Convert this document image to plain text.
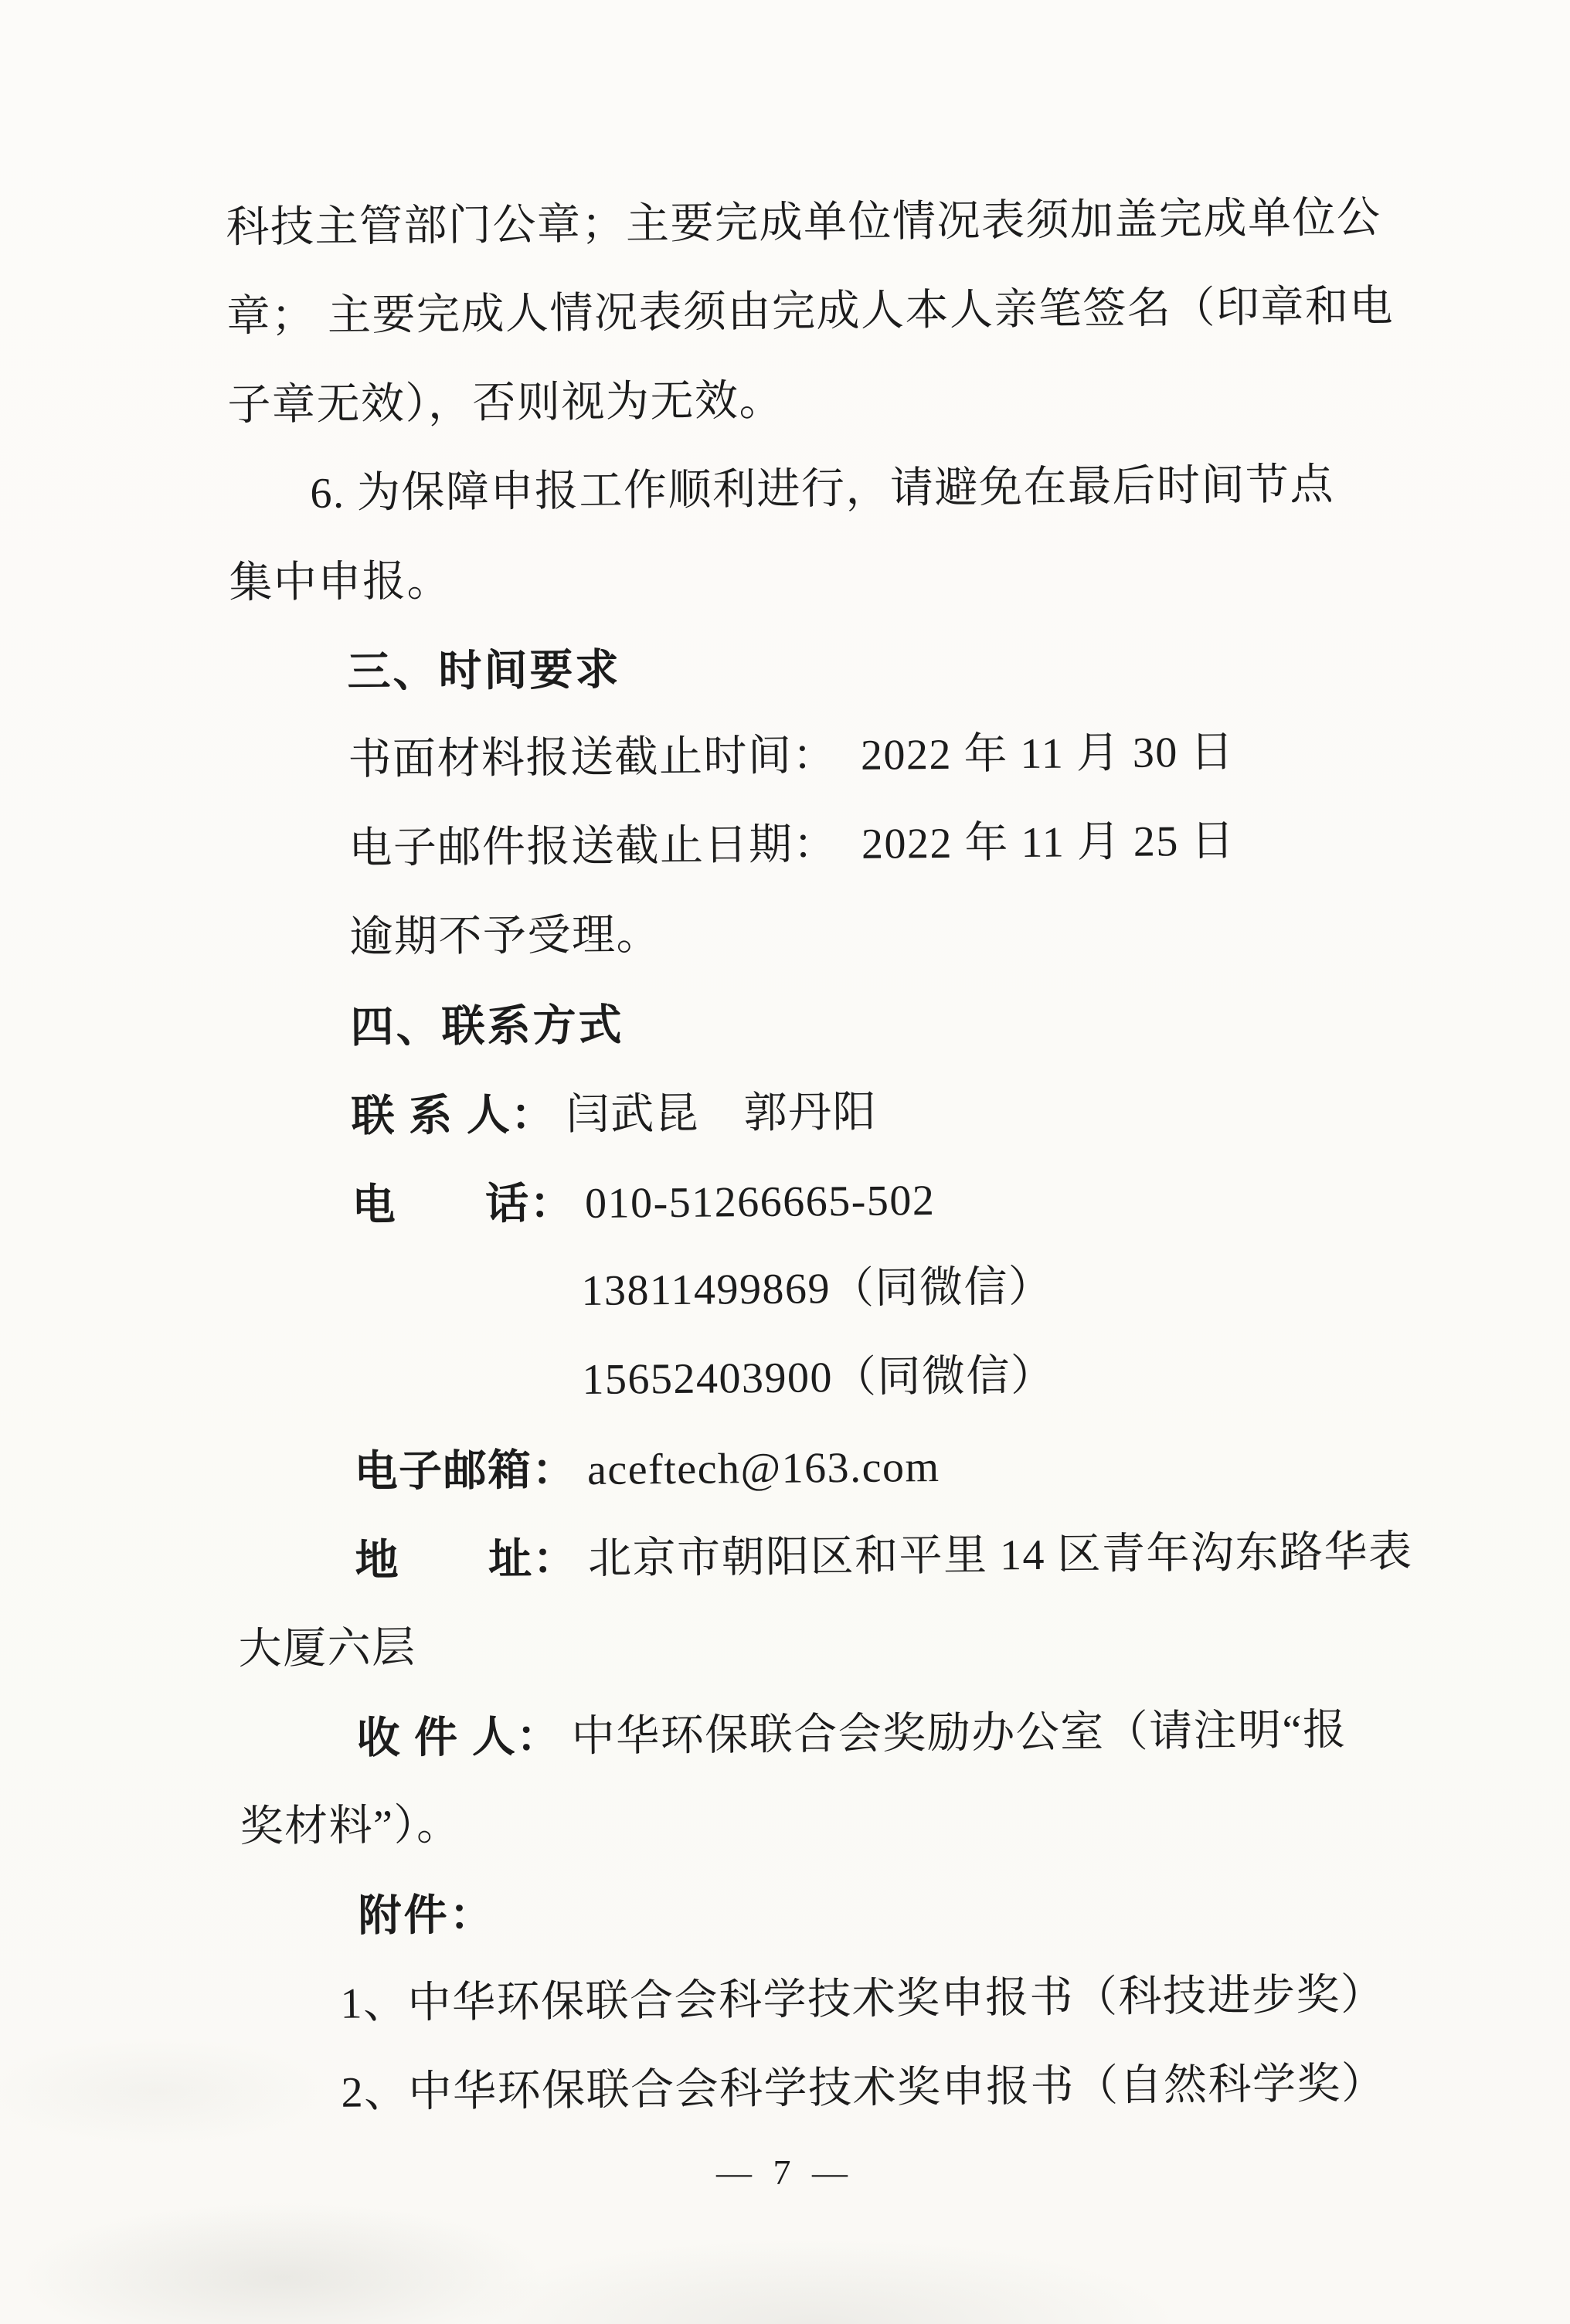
科技主管部门公章；主要完成单位情况表须加盖完成单位公

章； 主要完成人情况表须由完成人本人亲笔签名（印章和电

子章无效），否则视为无效。

6. 为保障申报工作顺利进行，请避免在最后时间节点

集中申报。

三、时间要求

书面材料报送截止时间：  2022 年 11 月 30 日

电子邮件报送截止日期：  2022 年 11 月 25 日

逾期不予受理。

四、联系方式

联 系 人： 闫武昆　郭丹阳

电　　话： 010-51266665-502

13811499869（同微信）

15652403900（同微信）

电子邮箱： aceftech@163.com

地　　址： 北京市朝阳区和平里 14 区青年沟东路华表

大厦六层

收 件 人： 中华环保联合会奖励办公室（请注明“报

奖材料”）。

附件：

1、中华环保联合会科学技术奖申报书（科技进步奖）

2、中华环保联合会科学技术奖申报书（自然科学奖）

— 7 —
